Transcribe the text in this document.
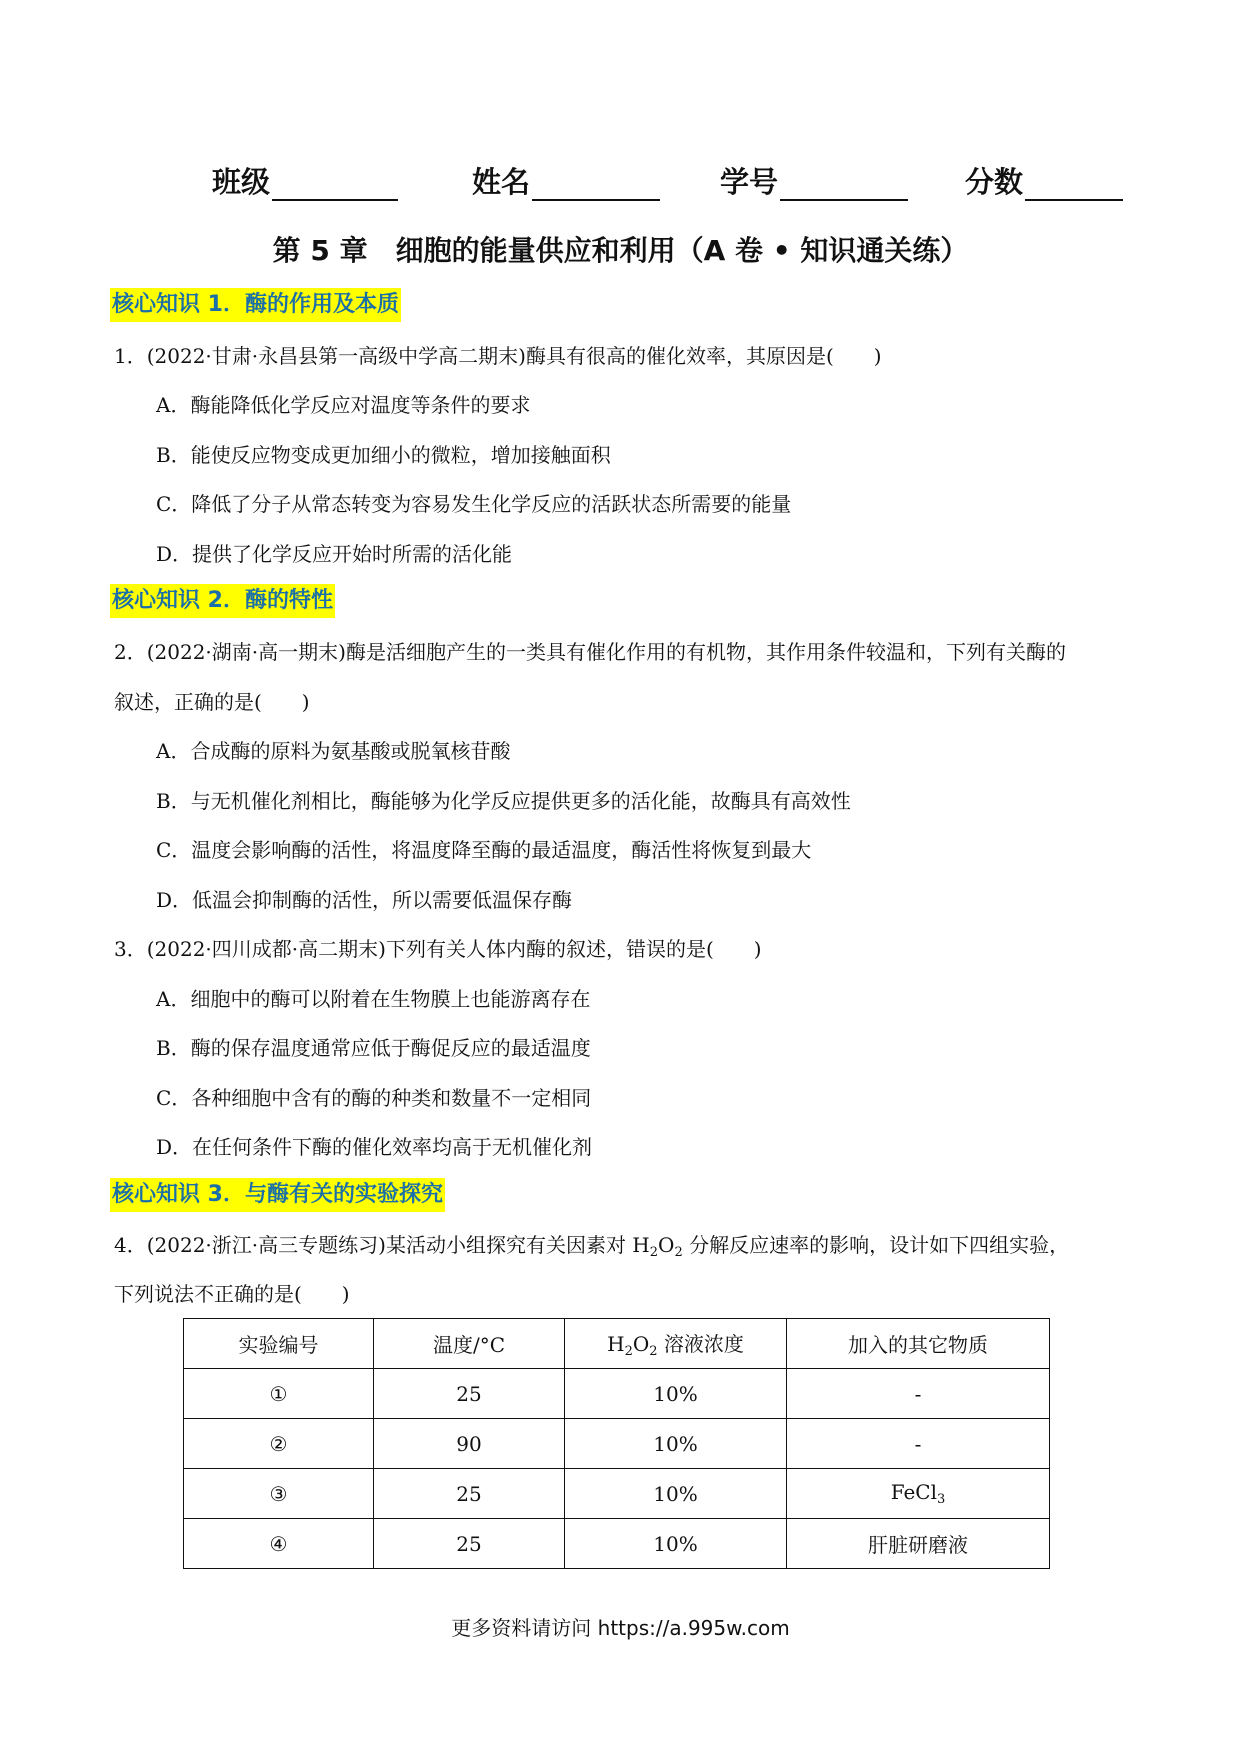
班级	姓名	学号	分数
第 5 章　细胞的能量供应和利用（A 卷 • 知识通关练）
核心知识 1．酶的作用及本质
1．(2022·甘肃·永昌县第一高级中学高二期末)酶具有很高的催化效率，其原因是(　　)
A．酶能降低化学反应对温度等条件的要求
B．能使反应物变成更加细小的微粒，增加接触面积
C．降低了分子从常态转变为容易发生化学反应的活跃状态所需要的能量
D．提供了化学反应开始时所需的活化能
核心知识 2．酶的特性
2．(2022·湖南·高一期末)酶是活细胞产生的一类具有催化作用的有机物，其作用条件较温和，下列有关酶的
叙述，正确的是(　　)
A．合成酶的原料为氨基酸或脱氧核苷酸
B．与无机催化剂相比，酶能够为化学反应提供更多的活化能，故酶具有高效性
C．温度会影响酶的活性，将温度降至酶的最适温度，酶活性将恢复到最大
D．低温会抑制酶的活性，所以需要低温保存酶
3．(2022·四川成都·高二期末)下列有关人体内酶的叙述，错误的是(　　)
A．细胞中的酶可以附着在生物膜上也能游离存在
B．酶的保存温度通常应低于酶促反应的最适温度
C．各种细胞中含有的酶的种类和数量不一定相同
D．在任何条件下酶的催化效率均高于无机催化剂
核心知识 3．与酶有关的实验探究
4．(2022·浙江·高三专题练习)某活动小组探究有关因素对 $H_2O_2$ 分解反应速率的影响，设计如下四组实验，
下列说法不正确的是(　　)
实验编号	温度/°C	$H_2O_2$ 溶液浓度	加入的其它物质
①	25	10%	-
②	90	10%	-
③	25	10%	FeCl$_3$
④	25	10%	肝脏研磨液
更多资料请访问 https://a.995w.com
